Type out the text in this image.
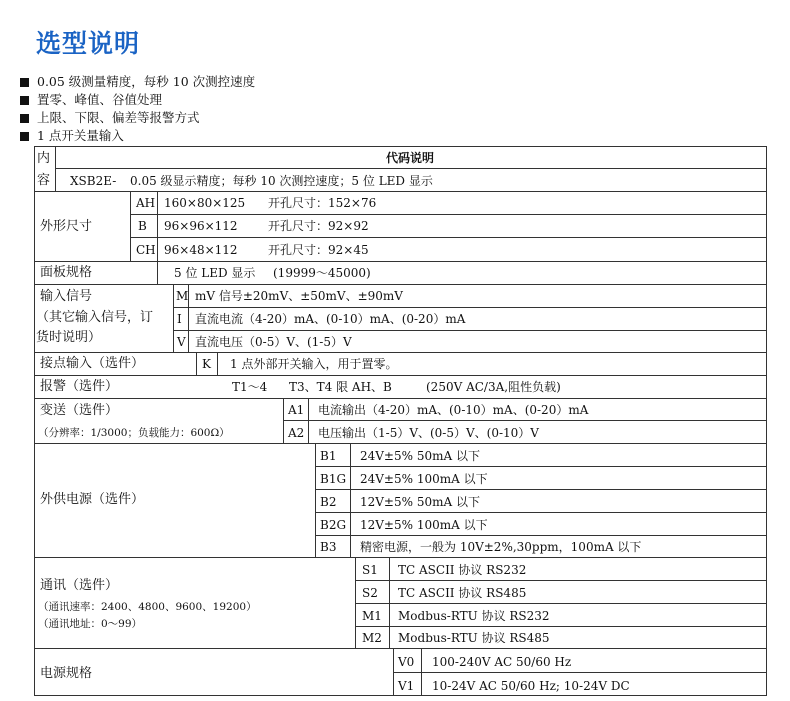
选型说明
0.05 级测量精度，每秒 10 次测控速度
置零、峰值、谷值处理
上限、下限、偏差等报警方式
1 点开关量输入
内
容
代码说明
XSB2E- 0.05 级显示精度；每秒 10 次测控速度；5 位 LED 显示
外形尺寸
AH 160×80×125 开孔尺寸：152×76
B 96×96×112	开孔尺寸：92×92
CH 96×48×112	开孔尺寸：92×45
面板规格	5 位 LED 显示 (19999～45000)
输入信号
（其它输入信号，订
货时说明）
M mV 信号±20mV、±50mV、±90mV
I 直流电流（4-20）mA、(0-10）mA、(0-20）mA
V 直流电压（0-5）V、(1-5）V
接点输入（选件）	K 1 点外部开关输入，用于置零。
报警（选件）	T1～4 T3、T4 限 AH、B	(250V AC/3A,阻性负载)
变送（选件）
（分辨率：1/3000；负载能力：600Ω）
A1 电流输出（4-20）mA、(0-10）mA、(0-20）mA
A2 电压输出（1-5）V、(0-5）V、(0-10）V
外供电源（选件）
B1 24V±5% 50mA 以下
B1G 24V±5% 100mA 以下
B2 12V±5% 50mA 以下
B2G 12V±5% 100mA 以下
B3 精密电源，一般为 10V±2%,30ppm，100mA 以下
通讯（选件）
（通讯速率：2400、4800、9600、19200）
（通讯地址：0～99）
S1 TC ASCII 协议 RS232
S2 TC ASCII 协议 RS485
M1 Modbus-RTU 协议 RS232
M2 Modbus-RTU 协议 RS485
电源规格
V0 100-240V AC 50/60 Hz
V1 10-24V AC 50/60 Hz; 10-24V DC
